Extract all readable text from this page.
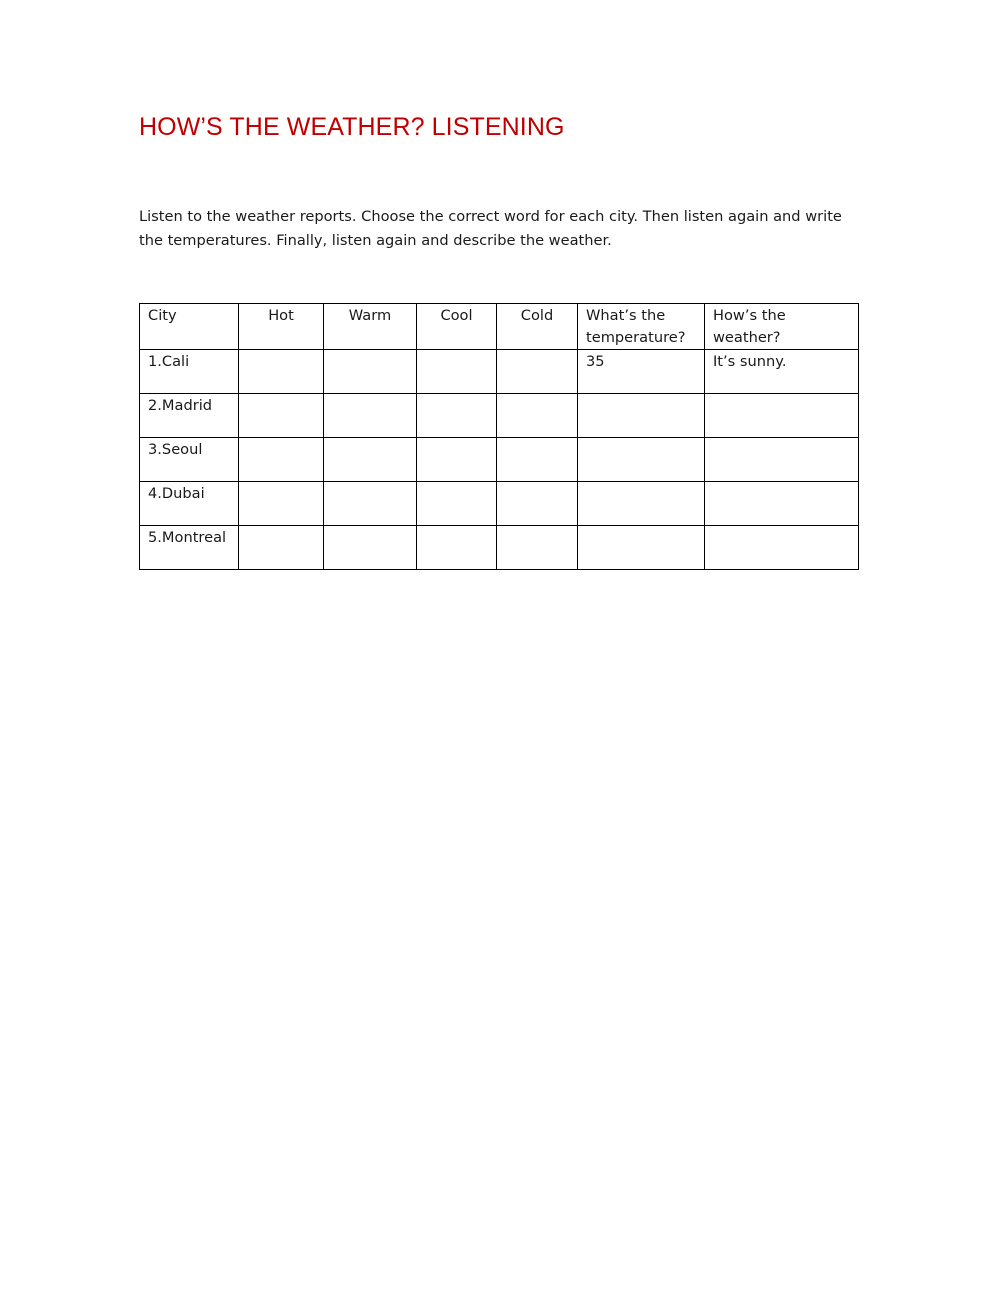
HOW’S THE WEATHER? LISTENING

Listen to the weather reports. Choose the correct word for each city. Then listen again and write the temperatures. Finally, listen again and describe the weather.

City	Hot	Warm	Cool	Cold	What’s the temperature?	How’s the weather?
1.Cali					35	It’s sunny.
2.Madrid						
3.Seoul						
4.Dubai						
5.Montreal						
